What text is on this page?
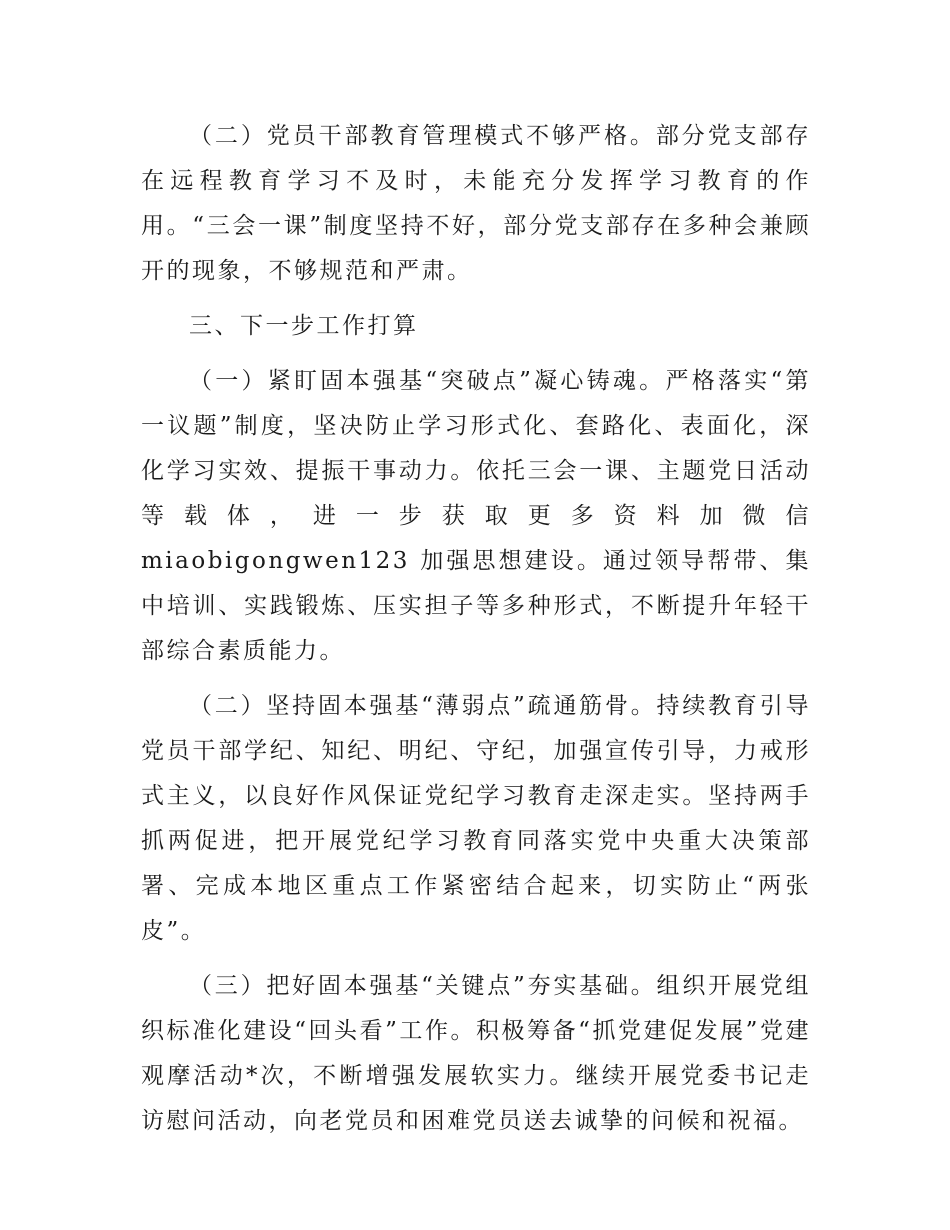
（二）党员干部教育管理模式不够严格。部分党支部存在远程教育学习不及时，未能充分发挥学习教育的作用。“三会一课”制度坚持不好，部分党支部存在多种会兼顾开的现象，不够规范和严肃。

三、下一步工作打算

（一）紧盯固本强基“突破点”凝心铸魂。严格落实“第一议题”制度，坚决防止学习形式化、套路化、表面化，深化学习实效、提振干事动力。依托三会一课、主题党日活动等载体，进一步获取更多资料加微信 miaobigongwen123 加强思想建设。通过领导帮带、集中培训、实践锻炼、压实担子等多种形式，不断提升年轻干部综合素质能力。

（二）坚持固本强基“薄弱点”疏通筋骨。持续教育引导党员干部学纪、知纪、明纪、守纪，加强宣传引导，力戒形式主义，以良好作风保证党纪学习教育走深走实。坚持两手抓两促进，把开展党纪学习教育同落实党中央重大决策部署、完成本地区重点工作紧密结合起来，切实防止“两张皮”。

（三）把好固本强基“关键点”夯实基础。组织开展党组织标准化建设“回头看”工作。积极筹备“抓党建促发展”党建观摩活动*次，不断增强发展软实力。继续开展党委书记走访慰问活动，向老党员和困难党员送去诚挚的问候和祝福。
